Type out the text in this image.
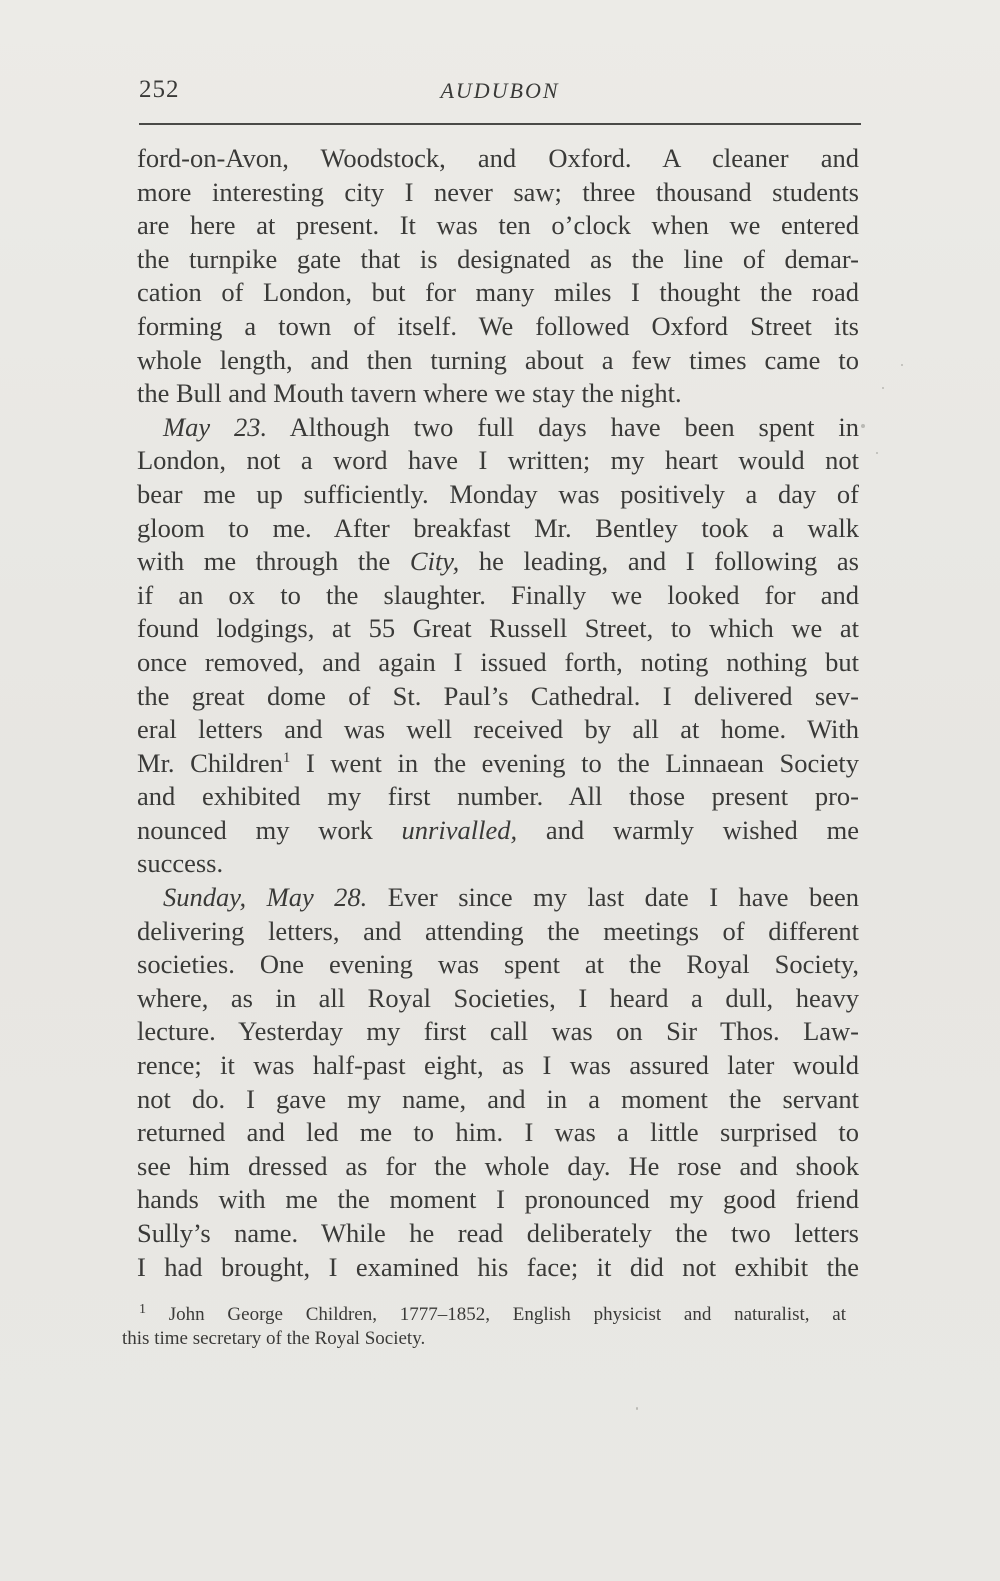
252	AUDUBON
ford-on-Avon, Woodstock, and Oxford. A cleaner and
more interesting city I never saw; three thousand students
are here at present. It was ten o’clock when we entered
the turnpike gate that is designated as the line of demar-
cation of London, but for many miles I thought the road
forming a town of itself. We followed Oxford Street its
whole length, and then turning about a few times came to
the Bull and Mouth tavern where we stay the night.
May 23. Although two full days have been spent in
London, not a word have I written; my heart would not
bear me up sufficiently. Monday was positively a day of
gloom to me. After breakfast Mr. Bentley took a walk
with me through the City, he leading, and I following as
if an ox to the slaughter. Finally we looked for and
found lodgings, at 55 Great Russell Street, to which we at
once removed, and again I issued forth, noting nothing but
the great dome of St. Paul’s Cathedral. I delivered sev-
eral letters and was well received by all at home. With
Mr. Children$^1$ I went in the evening to the Linnaean Society
and exhibited my first number. All those present pro-
nounced my work unrivalled, and warmly wished me
success.
Sunday, May 28. Ever since my last date I have been
delivering letters, and attending the meetings of different
societies. One evening was spent at the Royal Society,
where, as in all Royal Societies, I heard a dull, heavy
lecture. Yesterday my first call was on Sir Thos. Law-
rence; it was half-past eight, as I was assured later would
not do. I gave my name, and in a moment the servant
returned and led me to him. I was a little surprised to
see him dressed as for the whole day. He rose and shook
hands with me the moment I pronounced my good friend
Sully’s name. While he read deliberately the two letters
I had brought, I examined his face; it did not exhibit the
$^1$ John George Children, 1777–1852, English physicist and naturalist, at
this time secretary of the Royal Society.
